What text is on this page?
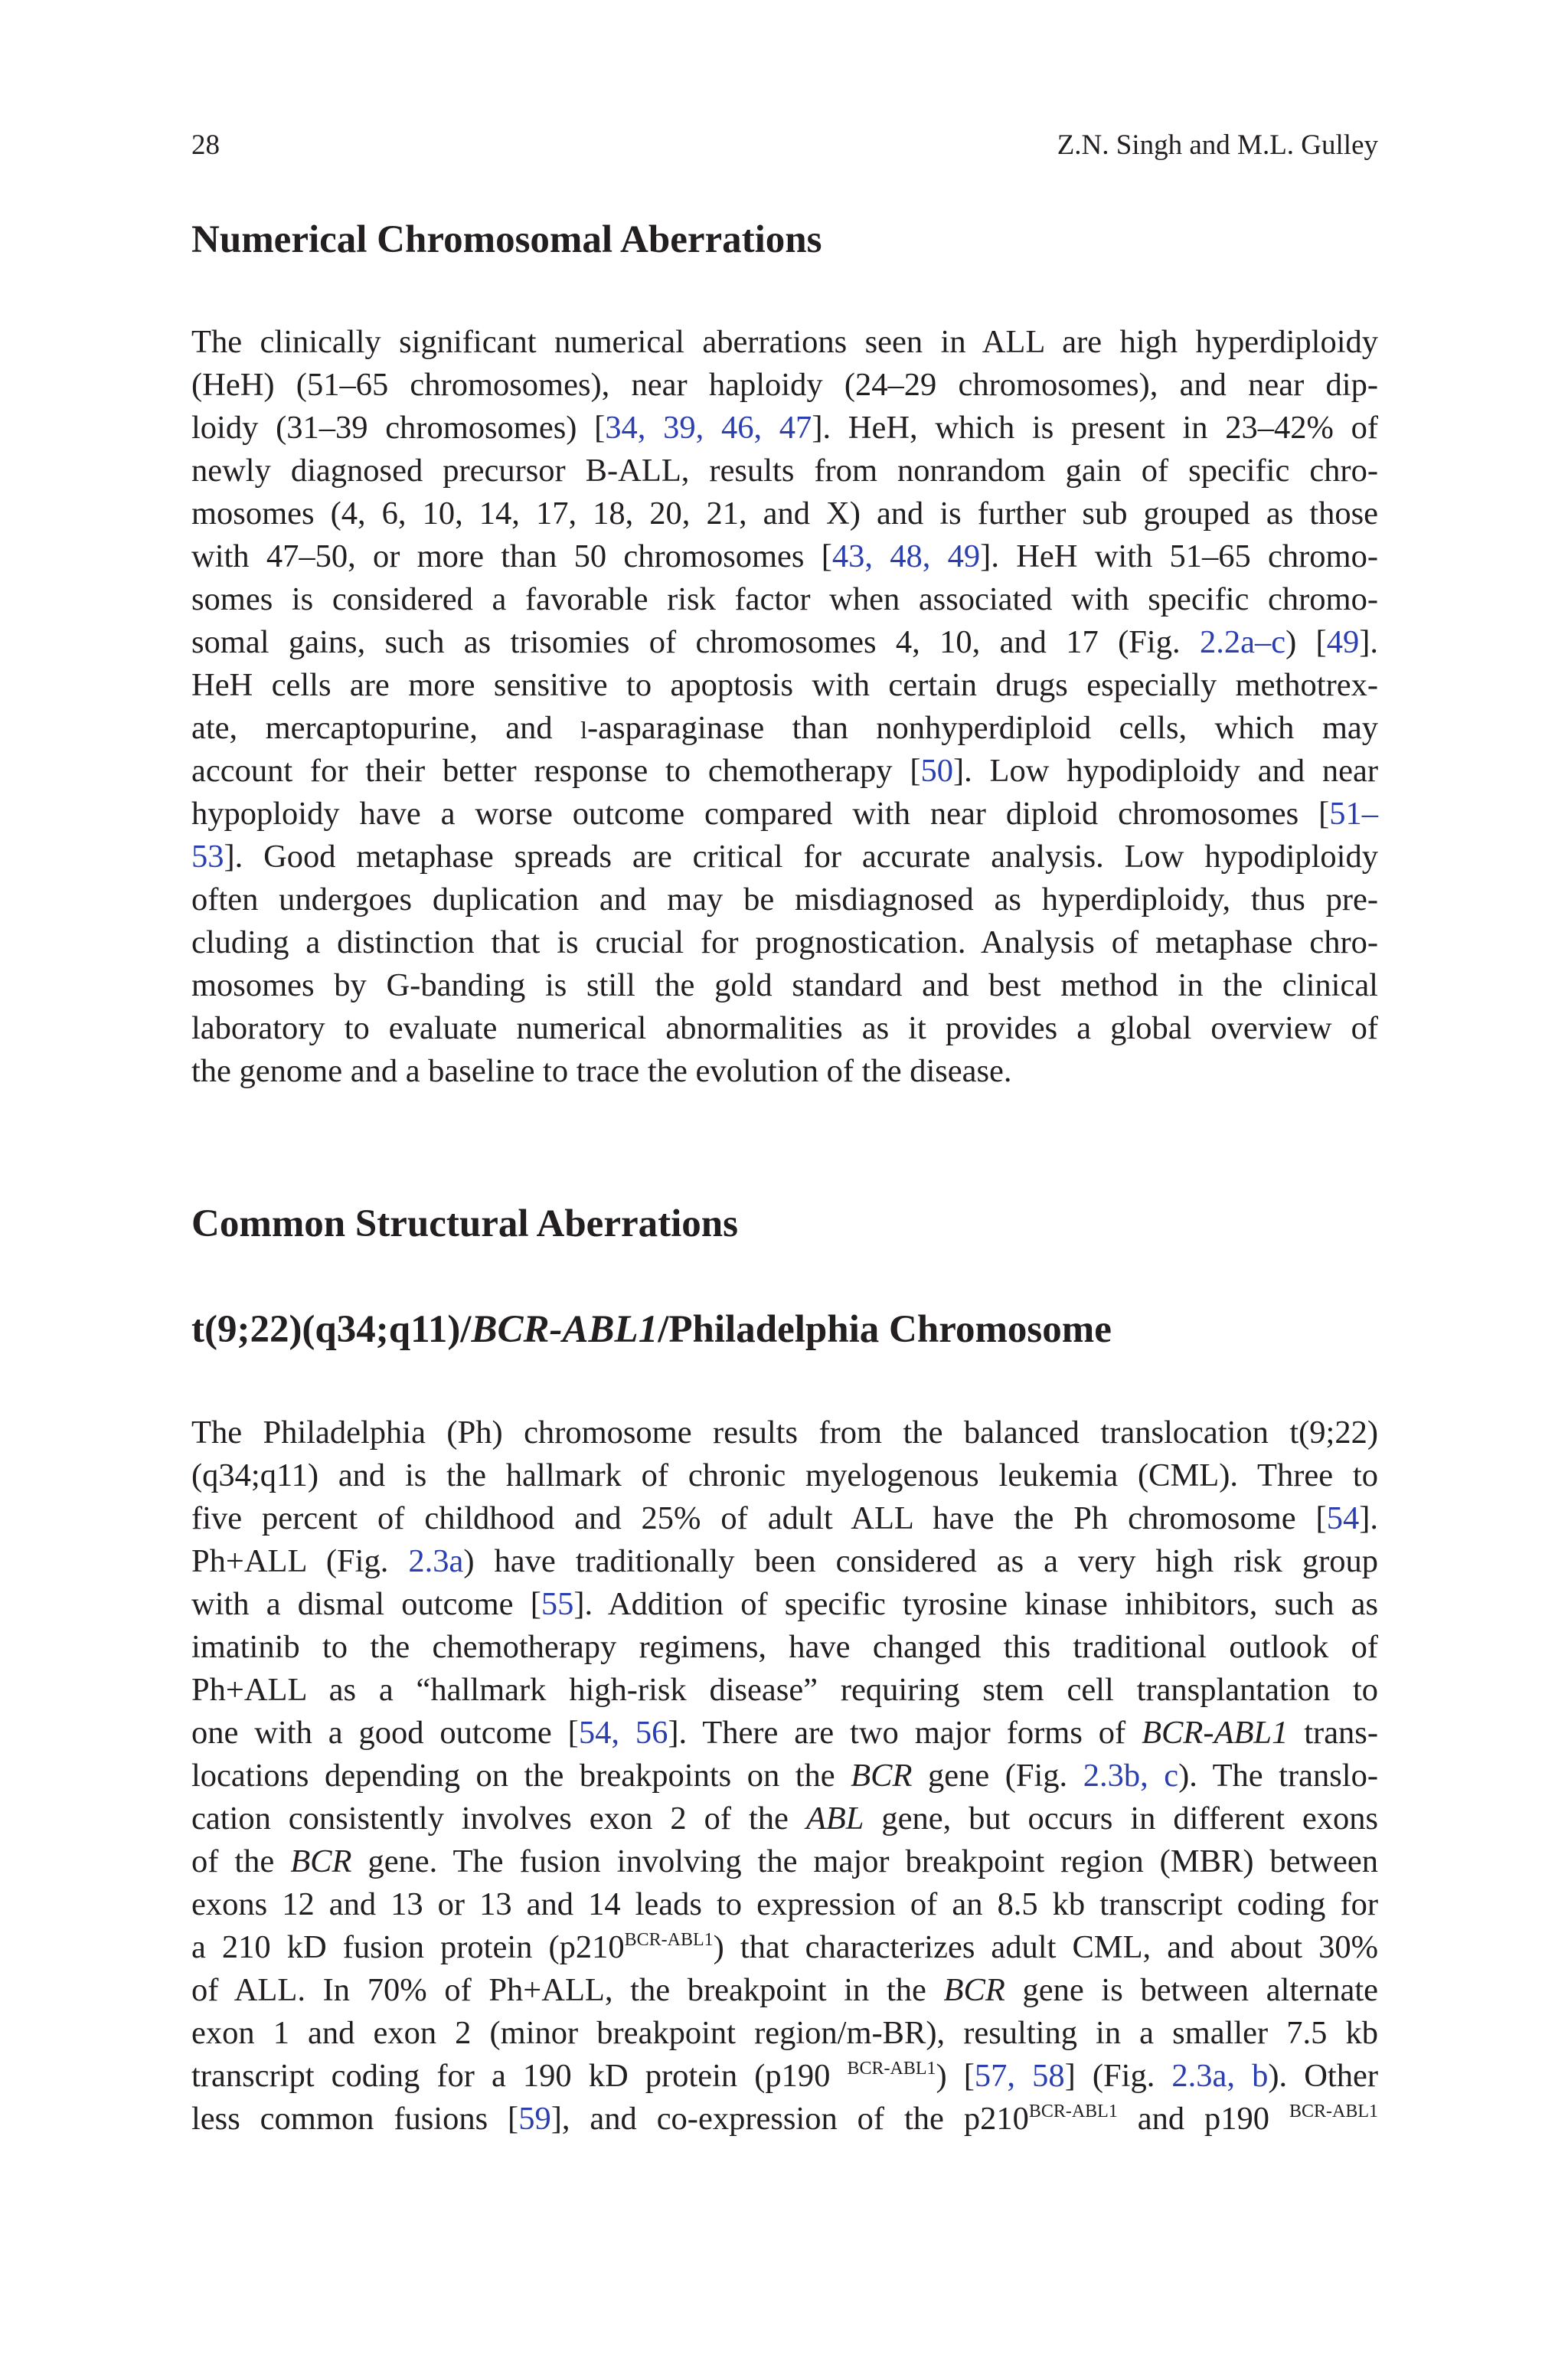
28	Z.N. Singh and M.L. Gulley
Numerical Chromosomal Aberrations
The clinically significant numerical aberrations seen in ALL are high hyperdiploidy
(HeH) (51–65 chromosomes), near haploidy (24–29 chromosomes), and near dip-
loidy (31–39 chromosomes) [34, 39, 46, 47]. HeH, which is present in 23–42% of
newly diagnosed precursor B-ALL, results from nonrandom gain of specific chro-
mosomes (4, 6, 10, 14, 17, 18, 20, 21, and X) and is further sub grouped as those
with 47–50, or more than 50 chromosomes [43, 48, 49]. HeH with 51–65 chromo-
somes is considered a favorable risk factor when associated with specific chromo-
somal gains, such as trisomies of chromosomes 4, 10, and 17 (Fig. 2.2a–c) [49].
HeH cells are more sensitive to apoptosis with certain drugs especially methotrex-
ate, mercaptopurine, and l-asparaginase than nonhyperdiploid cells, which may
account for their better response to chemotherapy [50]. Low hypodiploidy and near
hypoploidy have a worse outcome compared with near diploid chromosomes [51–
53]. Good metaphase spreads are critical for accurate analysis. Low hypodiploidy
often undergoes duplication and may be misdiagnosed as hyperdiploidy, thus pre-
cluding a distinction that is crucial for prognostication. Analysis of metaphase chro-
mosomes by G-banding is still the gold standard and best method in the clinical
laboratory to evaluate numerical abnormalities as it provides a global overview of
the genome and a baseline to trace the evolution of the disease.
Common Structural Aberrations
t(9;22)(q34;q11)/BCR-ABL1/Philadelphia Chromosome
The Philadelphia (Ph) chromosome results from the balanced translocation t(9;22)
(q34;q11) and is the hallmark of chronic myelogenous leukemia (CML). Three to
five percent of childhood and 25% of adult ALL have the Ph chromosome [54].
Ph+ALL (Fig. 2.3a) have traditionally been considered as a very high risk group
with a dismal outcome [55]. Addition of specific tyrosine kinase inhibitors, such as
imatinib to the chemotherapy regimens, have changed this traditional outlook of
Ph+ALL as a “hallmark high-risk disease” requiring stem cell transplantation to
one with a good outcome [54, 56]. There are two major forms of BCR-ABL1 trans-
locations depending on the breakpoints on the BCR gene (Fig. 2.3b, c). The translo-
cation consistently involves exon 2 of the ABL gene, but occurs in different exons
of the BCR gene. The fusion involving the major breakpoint region (MBR) between
exons 12 and 13 or 13 and 14 leads to expression of an 8.5 kb transcript coding for
a 210 kD fusion protein $(p210^{BCR-ABL1})$ that characterizes adult CML, and about 30%
of ALL. In 70% of Ph+ALL, the breakpoint in the BCR gene is between alternate
exon 1 and exon 2 (minor breakpoint region/m-BR), resulting in a smaller 7.5 kb
transcript coding for a 190 kD protein (p190 $^{BCR-ABL1}$) [57, 58] (Fig. 2.3a, b). Other
less common fusions [59], and co-expression of the $p210^{BCR-ABL1}$ and p190 $^{BCR-ABL1}$
